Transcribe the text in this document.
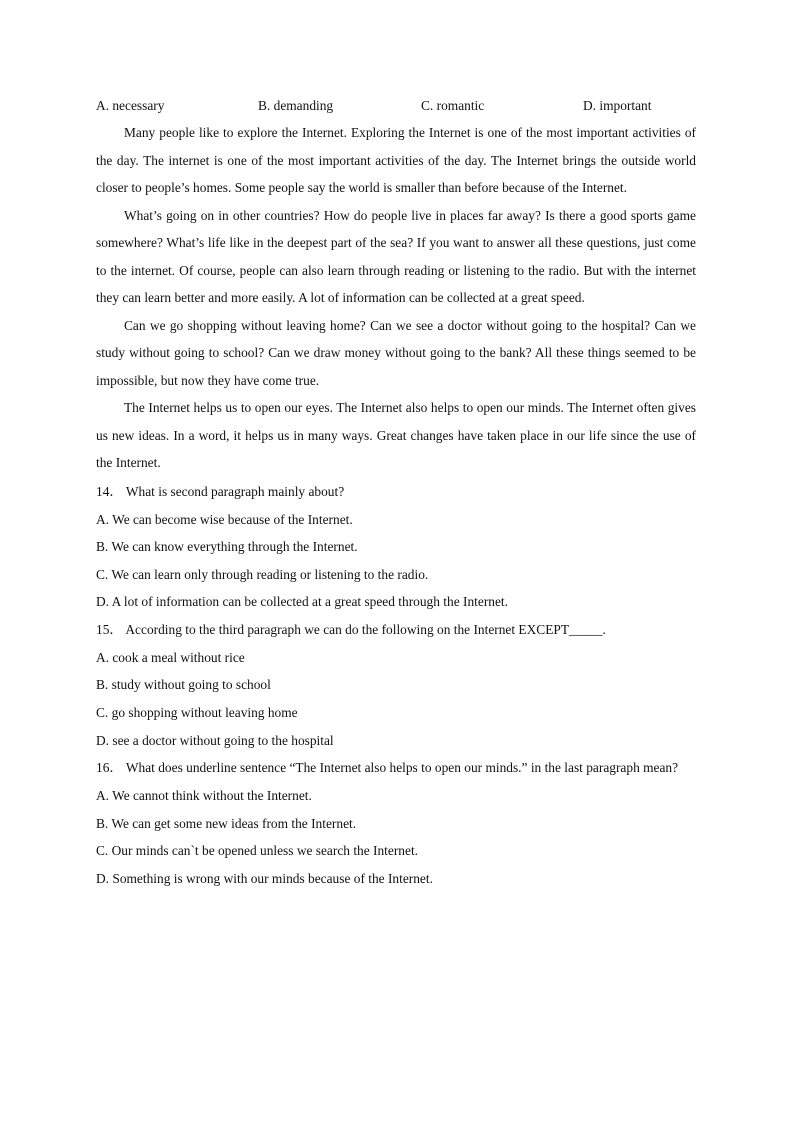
A. necessary	B. demanding	C. romantic	D. important

Many people like to explore the Internet. Exploring the Internet is one of the most important activities of the day. The internet is one of the most important activities of the day. The Internet brings the outside world closer to people’s homes. Some people say the world is smaller than before because of the Internet.

What’s going on in other countries? How do people live in places far away? Is there a good sports game somewhere? What’s life like in the deepest part of the sea? If you want to answer all these questions, just come to the internet. Of course, people can also learn through reading or listening to the radio. But with the internet they can learn better and more easily. A lot of information can be collected at a great speed.

Can we go shopping without leaving home? Can we see a doctor without going to the hospital? Can we study without going to school? Can we draw money without going to the bank? All these things seemed to be impossible, but now they have come true.

The Internet helps us to open our eyes. The Internet also helps to open our minds. The Internet often gives us new ideas. In a word, it helps us in many ways. Great changes have taken place in our life since the use of the Internet.

14． What is second paragraph mainly about?

A. We can become wise because of the Internet.

B. We can know everything through the Internet.

C. We can learn only through reading or listening to the radio.

D. A lot of information can be collected at a great speed through the Internet.

15． According to the third paragraph we can do the following on the Internet EXCEPT_____.

A. cook a meal without rice

B. study without going to school

C. go shopping without leaving home

D. see a doctor without going to the hospital

16． What does underline sentence “The Internet also helps to open our minds.” in the last paragraph mean?

A. We cannot think without the Internet.

B. We can get some new ideas from the Internet.

C. Our minds can`t be opened unless we search the Internet.

D. Something is wrong with our minds because of the Internet.
